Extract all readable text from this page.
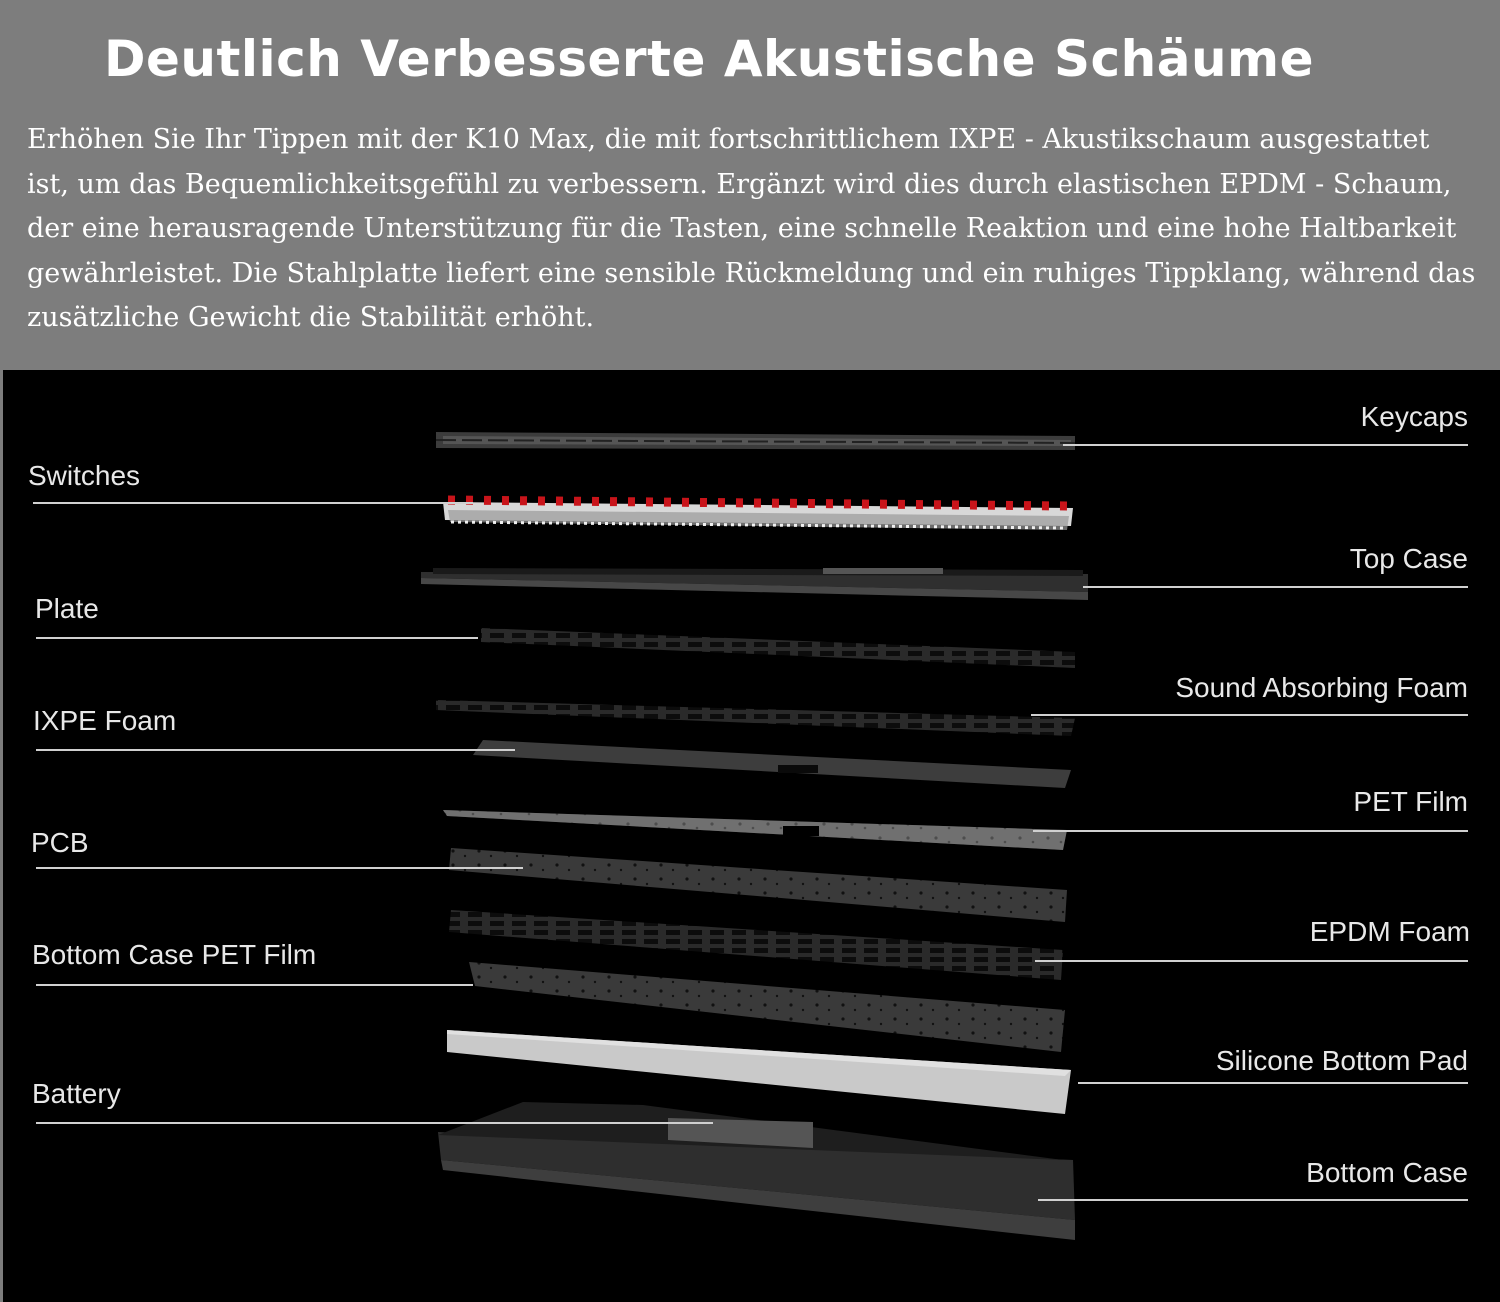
Deutlich Verbesserte Akustische Schäume
Erhöhen Sie Ihr Tippen mit der K10 Max, die mit fortschrittlichem IXPE - Akustikschaum ausgestattet ist, um das Bequemlichkeitsgefühl zu verbessern. Ergänzt wird dies durch elastischen EPDM - Schaum, der eine herausragende Unterstützung für die Tasten, eine schnelle Reaktion und eine hohe Haltbarkeit gewährleistet. Die Stahlplatte liefert eine sensible Rückmeldung und ein ruhiges Tippklang, während das zusätzliche Gewicht die Stabilität erhöht.
Switches
Plate
IXPE Foam
PCB
Bottom Case PET Film
Battery
Keycaps
Top Case
Sound Absorbing Foam
PET Film
EPDM Foam
Silicone Bottom Pad
Bottom Case
